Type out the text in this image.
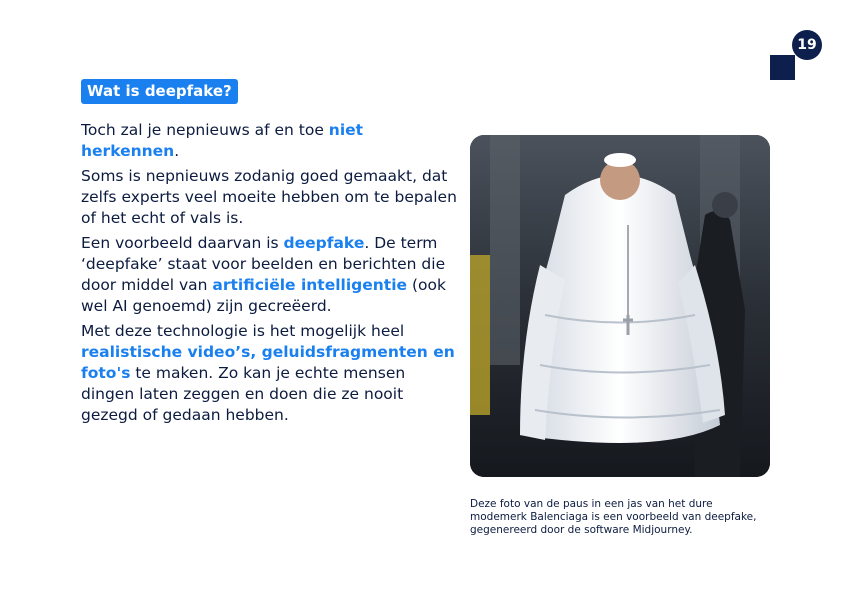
19
Wat is deepfake?

Toch zal je nepnieuws af en toe niet herkennen.

Soms is nepnieuws zodanig goed gemaakt, dat zelfs experts veel moeite hebben om te bepalen of het echt of vals is.

Een voorbeeld daarvan is deepfake. De term ‘deepfake’ staat voor beelden en berichten die door middel van artificiële intelligentie (ook wel AI genoemd) zijn gecreëerd.

Met deze technologie is het mogelijk heel realistische video’s, geluidsfragmenten en foto's te maken. Zo kan je echte mensen dingen laten zeggen en doen die ze nooit gezegd of gedaan hebben.

Deze foto van de paus in een jas van het dure modemerk Balenciaga is een voorbeeld van deepfake, gegenereerd door de software Midjourney.
